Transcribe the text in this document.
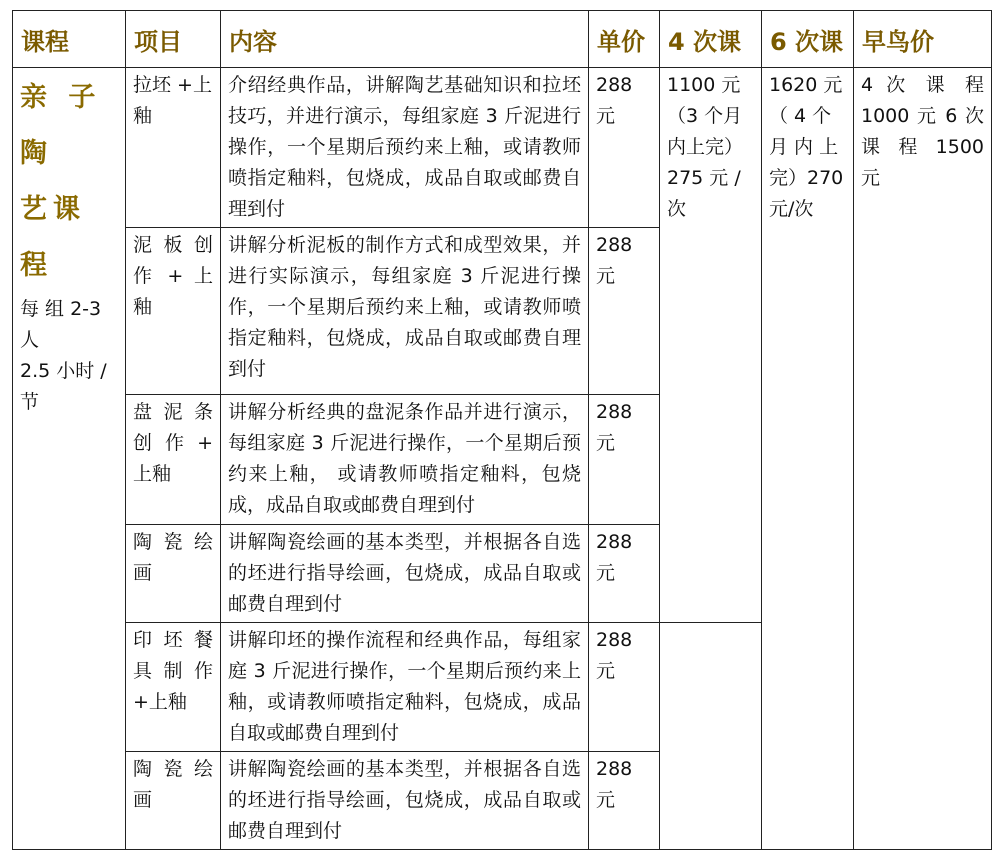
课程	项目	内容	单价	4 次课	6 次课	早鸟价

亲 子 陶
艺课程
每 组 2-3 人
2.5 小时 / 节	拉坯 +上釉	介绍经典作品，讲解陶艺基础知识和拉坯技巧，并进行演示，每组家庭 3 斤泥进行操作，一个星期后预约来上釉，或请教师喷指定釉料，包烧成，成品自取或邮费自理到付	288 元	1100 元 （3 个月内上完） 275 元 / 次	1620 元 （ 4 个 月 内 上 完）270 元/次	4 次 课 程 1000 元 6 次 课 程 1500 元

	泥 板 创 作 + 上 釉	讲解分析泥板的制作方式和成型效果，并进行实际演示，每组家庭 3 斤泥进行操作，一个星期后预约来上釉，或请教师喷指定釉料，包烧成，成品自取或邮费自理到付	288 元			

	盘 泥 条 创 作 + 上釉	讲解分析经典的盘泥条作品并进行演示，每组家庭 3 斤泥进行操作，一个星期后预约来上釉， 或请教师喷指定釉料，包烧成，成品自取或邮费自理到付	288 元			

	陶 瓷 绘 画	讲解陶瓷绘画的基本类型，并根据各自选的坯进行指导绘画，包烧成，成品自取或邮费自理到付	288 元			

	印 坯 餐 具 制 作 +上釉	讲解印坯的操作流程和经典作品，每组家庭 3 斤泥进行操作，一个星期后预约来上釉，或请教师喷指定釉料，包烧成，成品自取或邮费自理到付	288 元			

	陶 瓷 绘 画	讲解陶瓷绘画的基本类型，并根据各自选的坯进行指导绘画，包烧成，成品自取或邮费自理到付	288 元			
